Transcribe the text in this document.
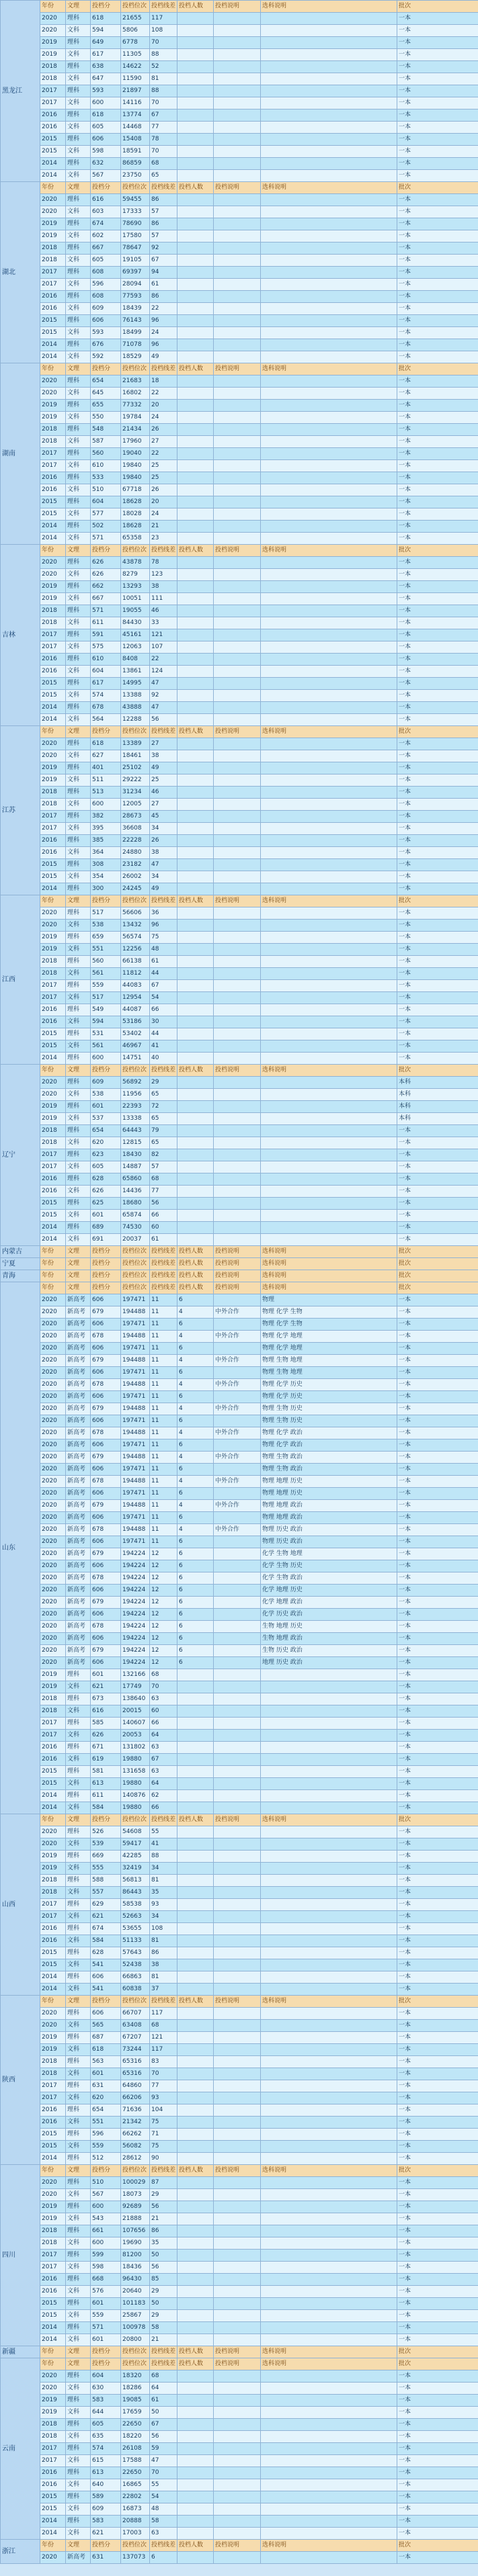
黑龙江	年份	文理	投档分	投档位次	投档线差	投档人数	投档说明	选科说明	批次
	2020	理科	618	21655	117				一本
	2020	文科	594	5806	108				一本
	2019	理科	649	6778	70				一本
	2019	文科	617	11305	88				一本
	2018	理科	638	14622	52				一本
	2018	文科	647	11590	81				一本
	2017	理科	593	21897	88				一本
	2017	文科	600	14116	70				一本
	2016	理科	618	13774	67				一本
	2016	文科	605	14468	77				一本
	2015	理科	606	15408	78				一本
	2015	文科	598	18591	70				一本
	2014	理科	632	86859	68				一本
	2014	文科	567	23750	65				一本
湖北	年份	文理	投档分	投档位次	投档线差	投档人数	投档说明	选科说明	批次
	2020	理科	616	59455	86				一本
	2020	文科	603	17333	57				一本
	2019	理科	674	78690	86				一本
	2019	文科	602	17580	57				一本
	2018	理科	667	78647	92				一本
	2018	文科	605	19105	67				一本
	2017	理科	608	69397	94				一本
	2017	文科	596	28094	61				一本
	2016	理科	608	77593	86				一本
	2016	文科	609	18439	22				一本
	2015	理科	606	76143	96				一本
	2015	文科	593	18499	24				一本
	2014	理科	676	71078	96				一本
	2014	文科	592	18529	49				一本
湖南	年份	文理	投档分	投档位次	投档线差	投档人数	投档说明	选科说明	批次
	2020	理科	654	21683	18				一本
	2020	文科	645	16802	22				一本
	2019	理科	655	77332	20				一本
	2019	文科	550	19784	24				一本
	2018	理科	548	21434	26				一本
	2018	文科	587	17960	27				一本
	2017	理科	560	19040	22				一本
	2017	文科	610	19840	25				一本
	2016	理科	533	19840	25				一本
	2016	文科	510	67718	26				一本
	2015	理科	604	18628	20				一本
	2015	文科	577	18028	24				一本
	2014	理科	502	18628	21				一本
	2014	文科	571	65358	23				一本
吉林	年份	文理	投档分	投档位次	投档线差	投档人数	投档说明	选科说明	批次
	2020	理科	626	43878	78				一本
	2020	文科	626	8279	123				一本
	2019	理科	662	13293	38				一本
	2019	文科	667	10051	111				一本
	2018	理科	571	19055	46				一本
	2018	文科	611	84430	33				一本
	2017	理科	591	45161	121				一本
	2017	文科	575	12063	107				一本
	2016	理科	610	8408	22				一本
	2016	文科	604	13861	124				一本
	2015	理科	617	14995	47				一本
	2015	文科	574	13388	92				一本
	2014	理科	678	43888	47				一本
	2014	文科	564	12288	56				一本
江苏	年份	文理	投档分	投档位次	投档线差	投档人数	投档说明	选科说明	批次
	2020	理科	618	13389	27				一本
	2020	文科	627	18461	38				一本
	2019	理科	401	25102	49				一本
	2019	文科	511	29222	25				一本
	2018	理科	513	31234	46				一本
	2018	文科	600	12005	27				一本
	2017	理科	382	28673	45				一本
	2017	文科	395	36608	34				一本
	2016	理科	385	22228	26				一本
	2016	文科	364	24880	38				一本
	2015	理科	308	23182	47				一本
	2015	文科	354	26002	34				一本
	2014	理科	300	24245	49				一本
江西	年份	文理	投档分	投档位次	投档线差	投档人数	投档说明	选科说明	批次
	2020	理科	517	56606	36				一本
	2020	文科	538	13432	96				一本
	2019	理科	659	56574	75				一本
	2019	文科	551	12256	48				一本
	2018	理科	560	66138	61				一本
	2018	文科	561	11812	44				一本
	2017	理科	559	44083	67				一本
	2017	文科	517	12954	54				一本
	2016	理科	549	44087	66				一本
	2016	文科	594	53186	30				一本
	2015	理科	531	53402	44				一本
	2015	文科	561	46967	41				一本
	2014	理科	600	14751	40				一本
辽宁	年份	文理	投档分	投档位次	投档线差	投档人数	投档说明	选科说明	批次
	2020	理科	609	56892	29				本科
	2020	文科	538	11956	65				本科
	2019	理科	601	22393	72				本科
	2019	文科	537	13338	65				本科
	2018	理科	654	64443	79				一本
	2018	文科	620	12815	65				一本
	2017	理科	623	18430	82				一本
	2017	文科	605	14887	57				一本
	2016	理科	628	65860	68				一本
	2016	文科	626	14436	77				一本
	2015	理科	625	18680	56				一本
	2015	文科	601	65874	66				一本
	2014	理科	689	74530	60				一本
	2014	文科	691	20037	61				一本
内蒙古	年份	文理	投档分	投档位次	投档线差	投档人数	投档说明	选科说明	批次
宁夏	年份	文理	投档分	投档位次	投档线差	投档人数	投档说明	选科说明	批次
青海	年份	文理	投档分	投档位次	投档线差	投档人数	投档说明	选科说明	批次
山东	年份	文理	投档分	投档位次	投档线差	投档人数	投档说明	选科说明	批次
	2020	新高考	606	197471	11	6		物理	一本
	2020	新高考	679	194488	11	4	中外合作	物理 化学 生物	一本
	2020	新高考	606	197471	11	6		物理 化学 生物	一本
	2020	新高考	678	194488	11	4	中外合作	物理 化学 地理	一本
	2020	新高考	606	197471	11	6		物理 化学 地理	一本
	2020	新高考	679	194488	11	4	中外合作	物理 生物 地理	一本
	2020	新高考	606	197471	11	6		物理 生物 地理	一本
	2020	新高考	678	194488	11	4	中外合作	物理 化学 历史	一本
	2020	新高考	606	197471	11	6		物理 化学 历史	一本
	2020	新高考	679	194488	11	4	中外合作	物理 生物 历史	一本
	2020	新高考	606	197471	11	6		物理 生物 历史	一本
	2020	新高考	678	194488	11	4	中外合作	物理 化学 政治	一本
	2020	新高考	606	197471	11	6		物理 化学 政治	一本
	2020	新高考	679	194488	11	4	中外合作	物理 生物 政治	一本
	2020	新高考	606	197471	11	6		物理 生物 政治	一本
	2020	新高考	678	194488	11	4	中外合作	物理 地理 历史	一本
	2020	新高考	606	197471	11	6		物理 地理 历史	一本
	2020	新高考	679	194488	11	4	中外合作	物理 地理 政治	一本
	2020	新高考	606	197471	11	6		物理 地理 政治	一本
	2020	新高考	678	194488	11	4	中外合作	物理 历史 政治	一本
	2020	新高考	606	197471	11	6		物理 历史 政治	一本
	2020	新高考	679	194224	12	6		化学 生物 地理	一本
	2020	新高考	606	194224	12	6		化学 生物 历史	一本
	2020	新高考	678	194224	12	6		化学 生物 政治	一本
	2020	新高考	606	194224	12	6		化学 地理 历史	一本
	2020	新高考	679	194224	12	6		化学 地理 政治	一本
	2020	新高考	606	194224	12	6		化学 历史 政治	一本
	2020	新高考	678	194224	12	6		生物 地理 历史	一本
	2020	新高考	606	194224	12	6		生物 地理 政治	一本
	2020	新高考	679	194224	12	6		生物 历史 政治	一本
	2020	新高考	606	194224	12	6		地理 历史 政治	一本
	2019	理科	601	132166	68				一本
	2019	文科	621	17749	70				一本
	2018	理科	673	138640	63				一本
	2018	文科	616	20015	60				一本
	2017	理科	585	140607	66				一本
	2017	文科	626	20053	64				一本
	2016	理科	671	131802	63				一本
	2016	文科	619	19880	67				一本
	2015	理科	581	131658	63				一本
	2015	文科	613	19880	64				一本
	2014	理科	611	140876	62				一本
	2014	文科	584	19880	66				一本
山西	年份	文理	投档分	投档位次	投档线差	投档人数	投档说明	选科说明	批次
	2020	理科	526	54608	55				一本
	2020	文科	539	59417	41				一本
	2019	理科	669	42285	88				一本
	2019	文科	555	32419	34				一本
	2018	理科	588	56813	81				一本
	2018	文科	557	86443	35				一本
	2017	理科	629	58538	93				一本
	2017	文科	621	52663	34				一本
	2016	理科	674	53655	108				一本
	2016	文科	584	51133	81				一本
	2015	理科	628	57643	86				一本
	2015	文科	541	52438	38				一本
	2014	理科	606	66863	81				一本
	2014	文科	541	60838	37				一本
陕西	年份	文理	投档分	投档位次	投档线差	投档人数	投档说明	选科说明	批次
	2020	理科	606	66707	117				一本
	2020	文科	565	63408	68				一本
	2019	理科	687	67207	121				一本
	2019	文科	618	73244	117				一本
	2018	理科	563	65316	83				一本
	2018	文科	601	65316	70				一本
	2017	理科	631	64860	77				一本
	2017	文科	620	66206	93				一本
	2016	理科	654	71636	104				一本
	2016	文科	551	21342	75				一本
	2015	理科	596	66262	71				一本
	2015	文科	559	56082	75				一本
	2014	理科	512	28612	90				一本
四川	年份	文理	投档分	投档位次	投档线差	投档人数	投档说明	选科说明	批次
	2020	理科	510	100029	87				一本
	2020	文科	567	18073	29				一本
	2019	理科	600	92689	56				一本
	2019	文科	543	21888	21				一本
	2018	理科	661	107656	86				一本
	2018	文科	600	19690	35				一本
	2017	理科	599	81200	50				一本
	2017	文科	598	18436	56				一本
	2016	理科	668	96430	85				一本
	2016	文科	576	20640	29				一本
	2015	理科	601	101183	50				一本
	2015	文科	559	25867	29				一本
	2014	理科	571	100978	58				一本
	2014	文科	601	20800	21				一本
新疆	年份	文理	投档分	投档位次	投档线差	投档人数	投档说明	选科说明	批次
云南	年份	文理	投档分	投档位次	投档线差	投档人数	投档说明	选科说明	批次
	2020	理科	604	18320	68				一本
	2020	文科	630	18286	64				一本
	2019	理科	583	19085	61				一本
	2019	文科	644	17659	50				一本
	2018	理科	605	22650	67				一本
	2018	文科	635	18220	56				一本
	2017	理科	574	26108	59				一本
	2017	文科	615	17588	47				一本
	2016	理科	613	22650	70				一本
	2016	文科	640	16865	55				一本
	2015	理科	589	22802	54				一本
	2015	文科	609	16873	48				一本
	2014	理科	583	20888	58				一本
	2014	文科	621	17003	63				一本
浙江	年份	文理	投档分	投档位次	投档线差	投档人数	投档说明	选科说明	批次
	2020	新高考	631	137073	6				一本
